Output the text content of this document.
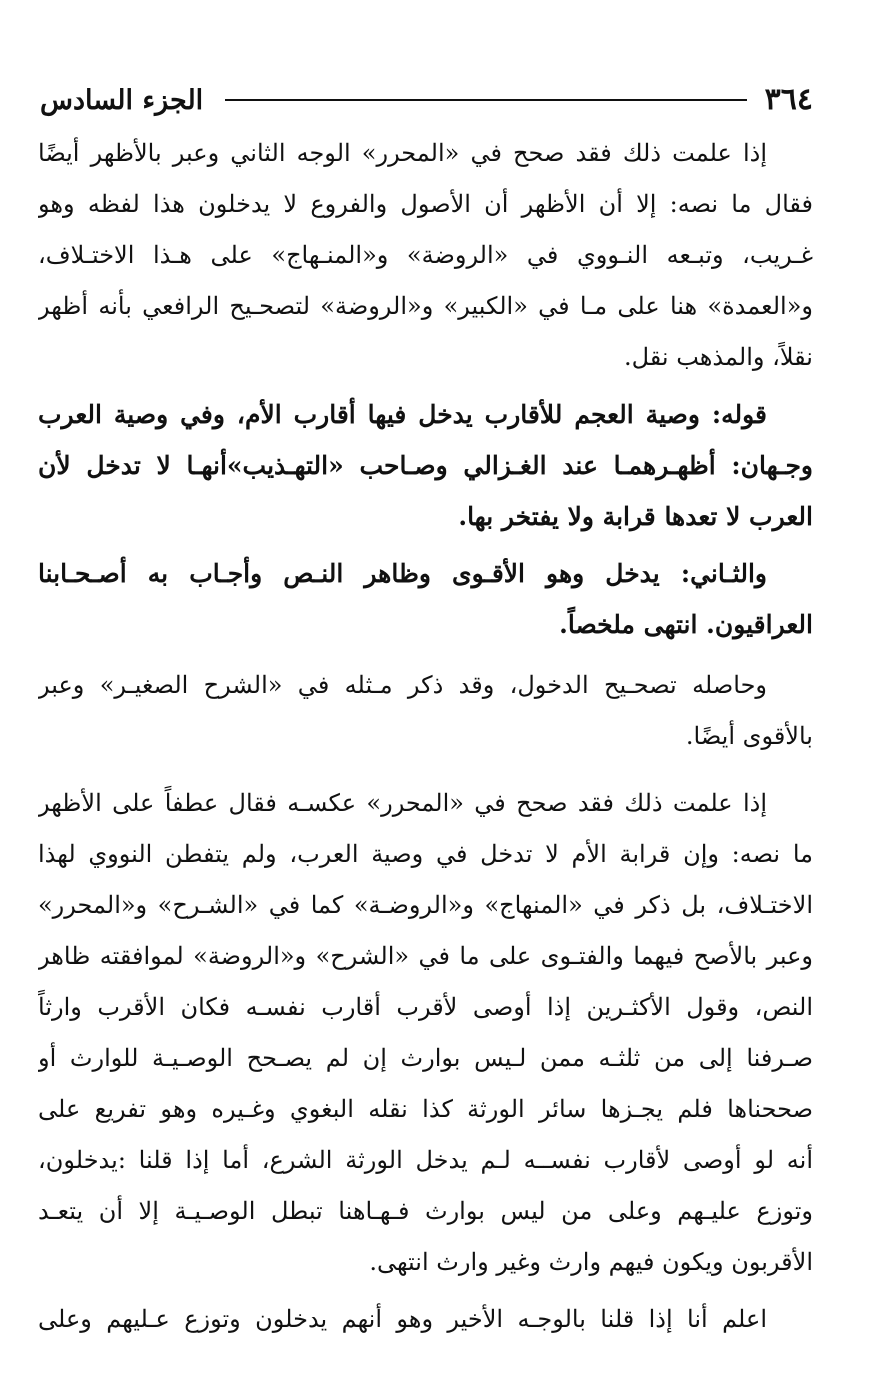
٣٦٤
الجزء السادس
إذا علمت ذلك فقد صحح في «المحرر» الوجه الثاني وعبر بالأظهر أيضًا
فقال ما نصه: إلا أن الأظهر أن الأصول والفروع لا يدخلون هذا لفظه وهو
غـريب، وتبـعه النـووي في «الروضة» و«المنـهاج» على هـذا الاختـلاف،
و«العمدة» هنا على مـا في «الكبير» و«الروضة» لتصحـيح الرافعي بأنه أظهر
نقلاً، والمذهب نقل.
قوله: وصية العجم للأقارب يدخل فيها أقارب الأم، وفي وصية العرب
وجـهان: أظهـرهمـا عند الغـزالي وصـاحب «التهـذيب»أنهـا لا تدخل لأن
العرب لا تعدها قرابة ولا يفتخر بها.
والثـاني: يدخل وهو الأقـوى وظاهر النـص وأجـاب به أصـحـابنا
العراقيون. انتهى ملخصاً.
وحاصله تصحـيح الدخول، وقد ذكر مـثله في «الشرح الصغيـر» وعبر
بالأقوى أيضًا.
إذا علمت ذلك فقد صحح في «المحرر» عكسـه فقال عطفاً على الأظهر
ما نصه: وإن قرابة الأم لا تدخل في وصية العرب، ولم يتفطن النووي لهذا
الاختـلاف، بل ذكر في «المنهاج» و«الروضـة» كما في «الشـرح» و«المحرر»
وعبر بالأصح فيهما والفتـوى على ما في «الشرح» و«الروضة» لموافقته ظاهر
النص، وقول الأكثـرين إذا أوصى لأقرب أقارب نفسـه فكان الأقرب وارثاً
صـرفنا إلى من ثلثـه ممن لـيس بوارث إن لم يصـحح الوصـيـة للوارث أو
صححناها فلم يجـزها سائر الورثة كذا نقله البغوي وغـيره وهو تفريع على
أنه لو أوصى لأقارب نفســه لـم يدخل الورثة الشرع، أما إذا قلنا :يدخلون،
وتوزع عليـهم وعلى من ليس بوارث فـهـاهنا تبطل الوصـيـة إلا أن يتعـد
الأقربون ويكون فيهم وارث وغير وارث انتهى.
اعلم أنا إذا قلنا بالوجـه الأخير وهو أنهم يدخلون وتوزع عـليهم وعلى
